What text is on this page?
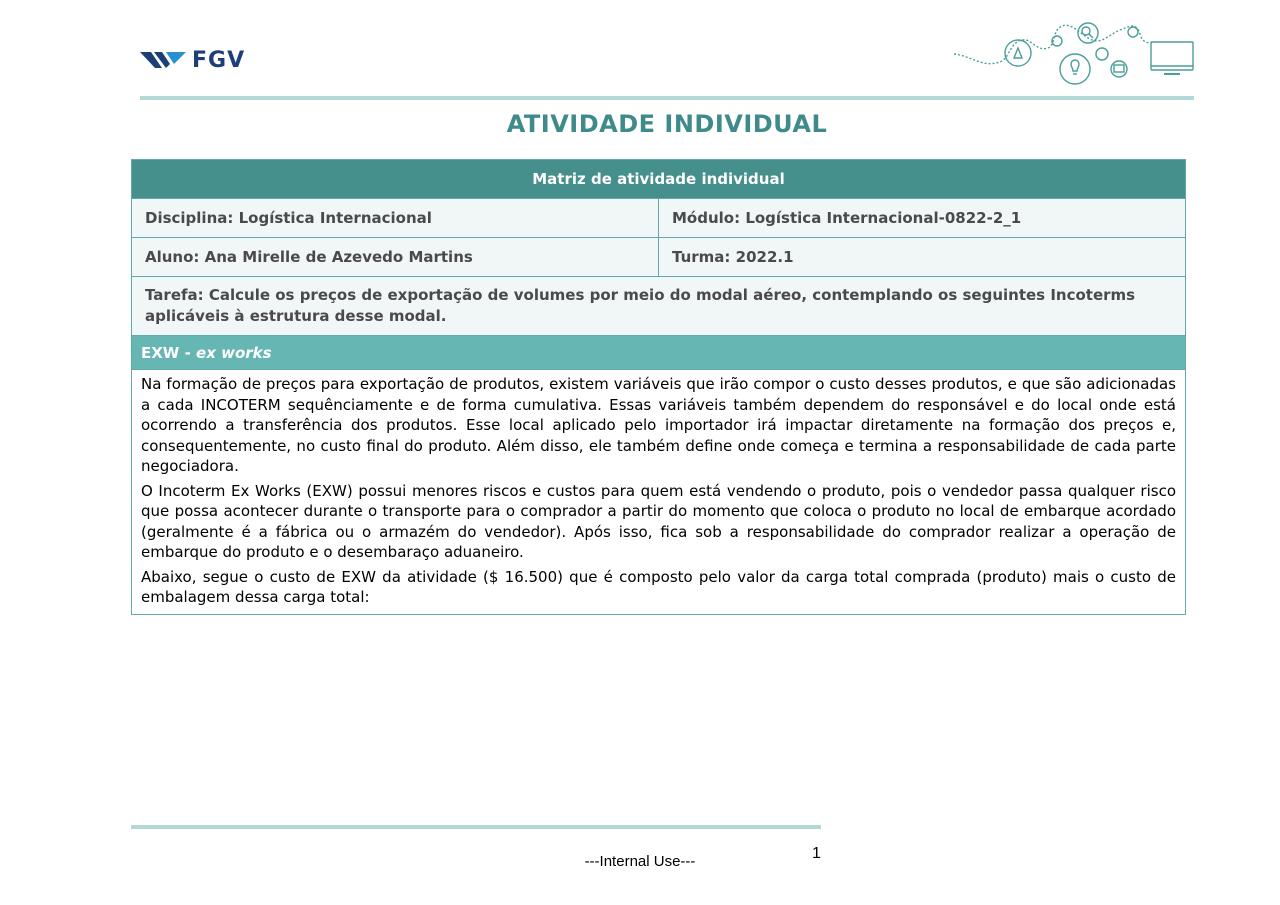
FGV
ATIVIDADE INDIVIDUAL
Matriz de atividade individual	
Disciplina: Logística Internacional	Módulo: Logística Internacional-0822-2_1
Aluno: Ana Mirelle de Azevedo Martins	Turma: 2022.1
Tarefa: Calcule os preços de exportação de volumes por meio do modal aéreo, contemplando os seguintes Incoterms aplicáveis à estrutura desse modal.	
EXW - ex works	

Na formação de preços para exportação de produtos, existem variáveis que irão compor o custo desses produtos, e que são adicionadas a cada INCOTERM sequênciamente e de forma cumulativa. Essas variáveis também dependem do responsável e do local onde está ocorrendo a transferência dos produtos. Esse local aplicado pelo importador irá impactar diretamente na formação dos preços e, consequentemente, no custo final do produto. Além disso, ele também define onde começa e termina a responsabilidade de cada parte negociadora.

O Incoterm Ex Works (EXW) possui menores riscos e custos para quem está vendendo o produto, pois o vendedor passa qualquer risco que possa acontecer durante o transporte para o comprador a partir do momento que coloca o produto no local de embarque acordado (geralmente é a fábrica ou o armazém do vendedor). Após isso, fica sob a responsabilidade do comprador realizar a operação de embarque do produto e o desembaraço aduaneiro.

Abaixo, segue o custo de EXW da atividade ($ 16.500) que é composto pelo valor da carga total comprada (produto) mais o custo de embalagem dessa carga total:	

1
---Internal Use---
